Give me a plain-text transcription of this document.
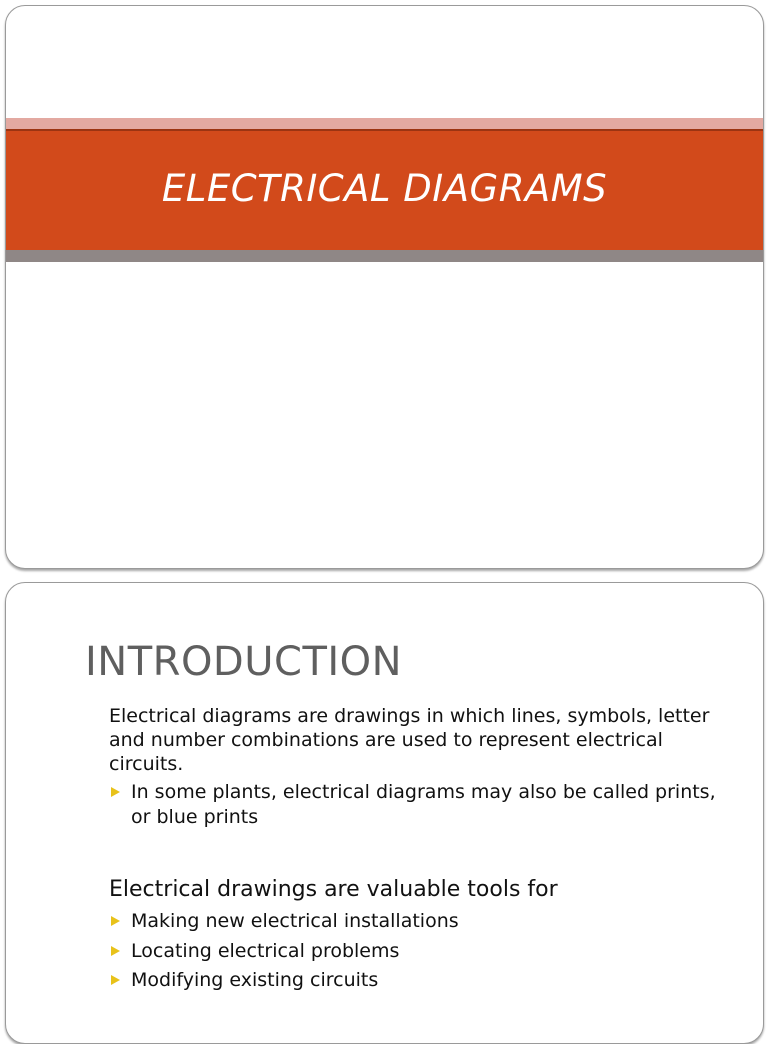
ELECTRICAL DIAGRAMS
INTRODUCTION
Electrical diagrams are drawings in which lines, symbols, letter and number combinations are used to represent electrical circuits.
In some plants, electrical diagrams may also be called prints, or blue prints
Electrical drawings are valuable tools for
Making new electrical installations
Locating electrical problems
Modifying existing circuits
